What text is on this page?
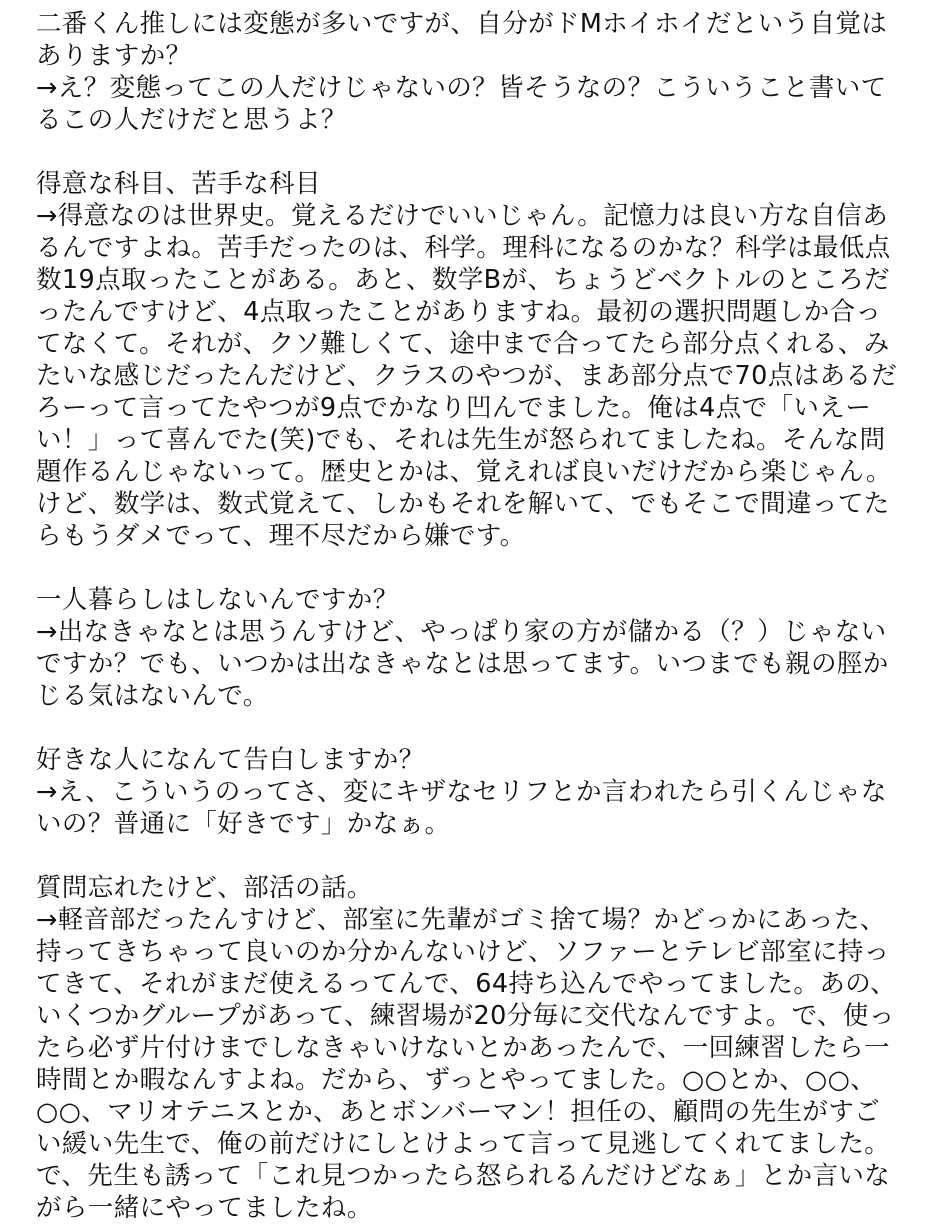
二番くん推しには変態が多いですが、自分がドMホイホイだという自覚は
ありますか？
→え？変態ってこの人だけじゃないの？皆そうなの？こういうこと書いて
るこの人だけだと思うよ？
得意な科目、苦手な科目
→得意なのは世界史。覚えるだけでいいじゃん。記憶力は良い方な自信あ
るんですよね。苦手だったのは、科学。理科になるのかな？科学は最低点
数19点取ったことがある。あと、数学Bが、ちょうどベクトルのところだ
ったんですけど、4点取ったことがありますね。最初の選択問題しか合っ
てなくて。それが、クソ難しくて、途中まで合ってたら部分点くれる、み
たいな感じだったんだけど、クラスのやつが、まあ部分点で70点はあるだ
ろーって言ってたやつが9点でかなり凹んでました。俺は4点で「いえー
い！」って喜んでた(笑)でも、それは先生が怒られてましたね。そんな問
題作るんじゃないって。歴史とかは、覚えれば良いだけだから楽じゃん。
けど、数学は、数式覚えて、しかもそれを解いて、でもそこで間違ってた
らもうダメでって、理不尽だから嫌です。
一人暮らしはしないんですか？
→出なきゃなとは思うんすけど、やっぱり家の方が儲かる（？）じゃない
ですか？でも、いつかは出なきゃなとは思ってます。いつまでも親の脛か
じる気はないんで。
好きな人になんて告白しますか？
→え、こういうのってさ、変にキザなセリフとか言われたら引くんじゃな
いの？普通に「好きです」かなぁ。
質問忘れたけど、部活の話。
→軽音部だったんすけど、部室に先輩がゴミ捨て場？かどっかにあった、
持ってきちゃって良いのか分かんないけど、ソファーとテレビ部室に持っ
てきて、それがまだ使えるってんで、64持ち込んでやってました。あの、
いくつかグループがあって、練習場が20分毎に交代なんですよ。で、使っ
たら必ず片付けまでしなきゃいけないとかあったんで、一回練習したら一
時間とか暇なんすよね。だから、ずっとやってました。○○とか、○○、
○○、マリオテニスとか、あとボンバーマン！担任の、顧問の先生がすご
い緩い先生で、俺の前だけにしとけよって言って見逃してくれてました。
で、先生も誘って「これ見つかったら怒られるんだけどなぁ」とか言いな
がら一緒にやってましたね。
